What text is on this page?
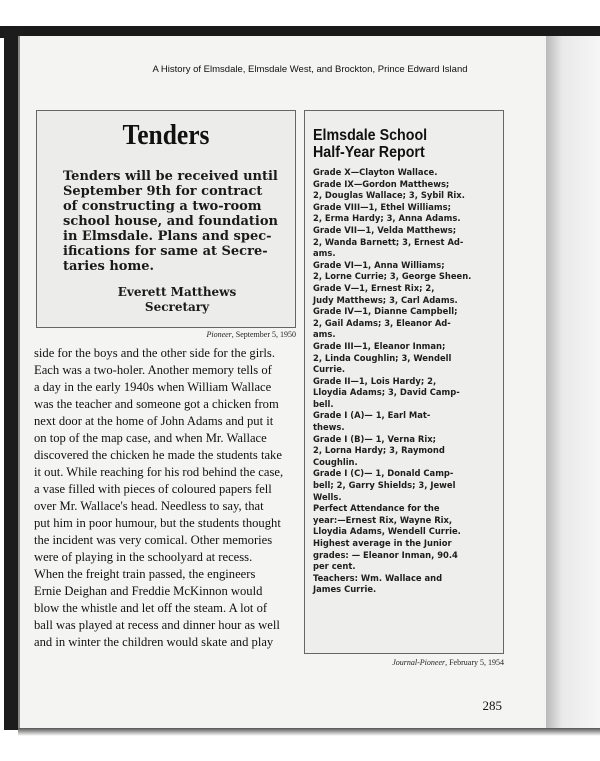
A History of Elmsdale, Elmsdale West, and Brockton, Prince Edward Island
Tenders
Tenders will be received until
September 9th for contract
of constructing a two-room
school house, and foundation
in Elmsdale. Plans and spec-
ifications for same at Secre-
taries home.
Everett Matthews
Secretary
Pioneer, September 5, 1950
side for the boys and the other side for the girls.
Each was a two-holer. Another memory tells of
a day in the early 1940s when William Wallace
was the teacher and someone got a chicken from
next door at the home of John Adams and put it
on top of the map case, and when Mr. Wallace
discovered the chicken he made the students take
it out. While reaching for his rod behind the case,
a vase filled with pieces of coloured papers fell
over Mr. Wallace's head. Needless to say, that
put him in poor humour, but the students thought
the incident was very comical. Other memories
were of playing in the schoolyard at recess.
When the freight train passed, the engineers
Ernie Deighan and Freddie McKinnon would
blow the whistle and let off the steam. A lot of
ball was played at recess and dinner hour as well
and in winter the children would skate and play
Elmsdale School
Half-Year Report
Grade X—Clayton Wallace.
Grade IX—Gordon Matthews;
2, Douglas Wallace; 3, Sybil Rix.
Grade VIII—1, Ethel Williams;
2, Erma Hardy; 3, Anna Adams.
Grade VII—1, Velda Matthews;
2, Wanda Barnett; 3, Ernest Ad-
ams.
Grade VI—1, Anna Williams;
2, Lorne Currie; 3, George Sheen.
Grade V—1, Ernest Rix; 2,
Judy Matthews; 3, Carl Adams.
Grade IV—1, Dianne Campbell;
2, Gail Adams; 3, Eleanor Ad-
ams.
Grade III—1, Eleanor Inman;
2, Linda Coughlin; 3, Wendell
Currie.
Grade II—1, Lois Hardy; 2,
Lloydia Adams; 3, David Camp-
bell.
Grade I (A)— 1, Earl Mat-
thews.
Grade I (B)— 1, Verna Rix;
2, Lorna Hardy; 3, Raymond
Coughlin.
Grade I (C)— 1, Donald Camp-
bell; 2, Garry Shields; 3, Jewel
Wells.
Perfect Attendance for the
year:—Ernest Rix, Wayne Rix,
Lloydia Adams, Wendell Currie.
Highest average in the Junior
grades: — Eleanor Inman, 90.4
per cent.
Teachers: Wm. Wallace and
James Currie.
Journal-Pioneer, February 5, 1954
285
